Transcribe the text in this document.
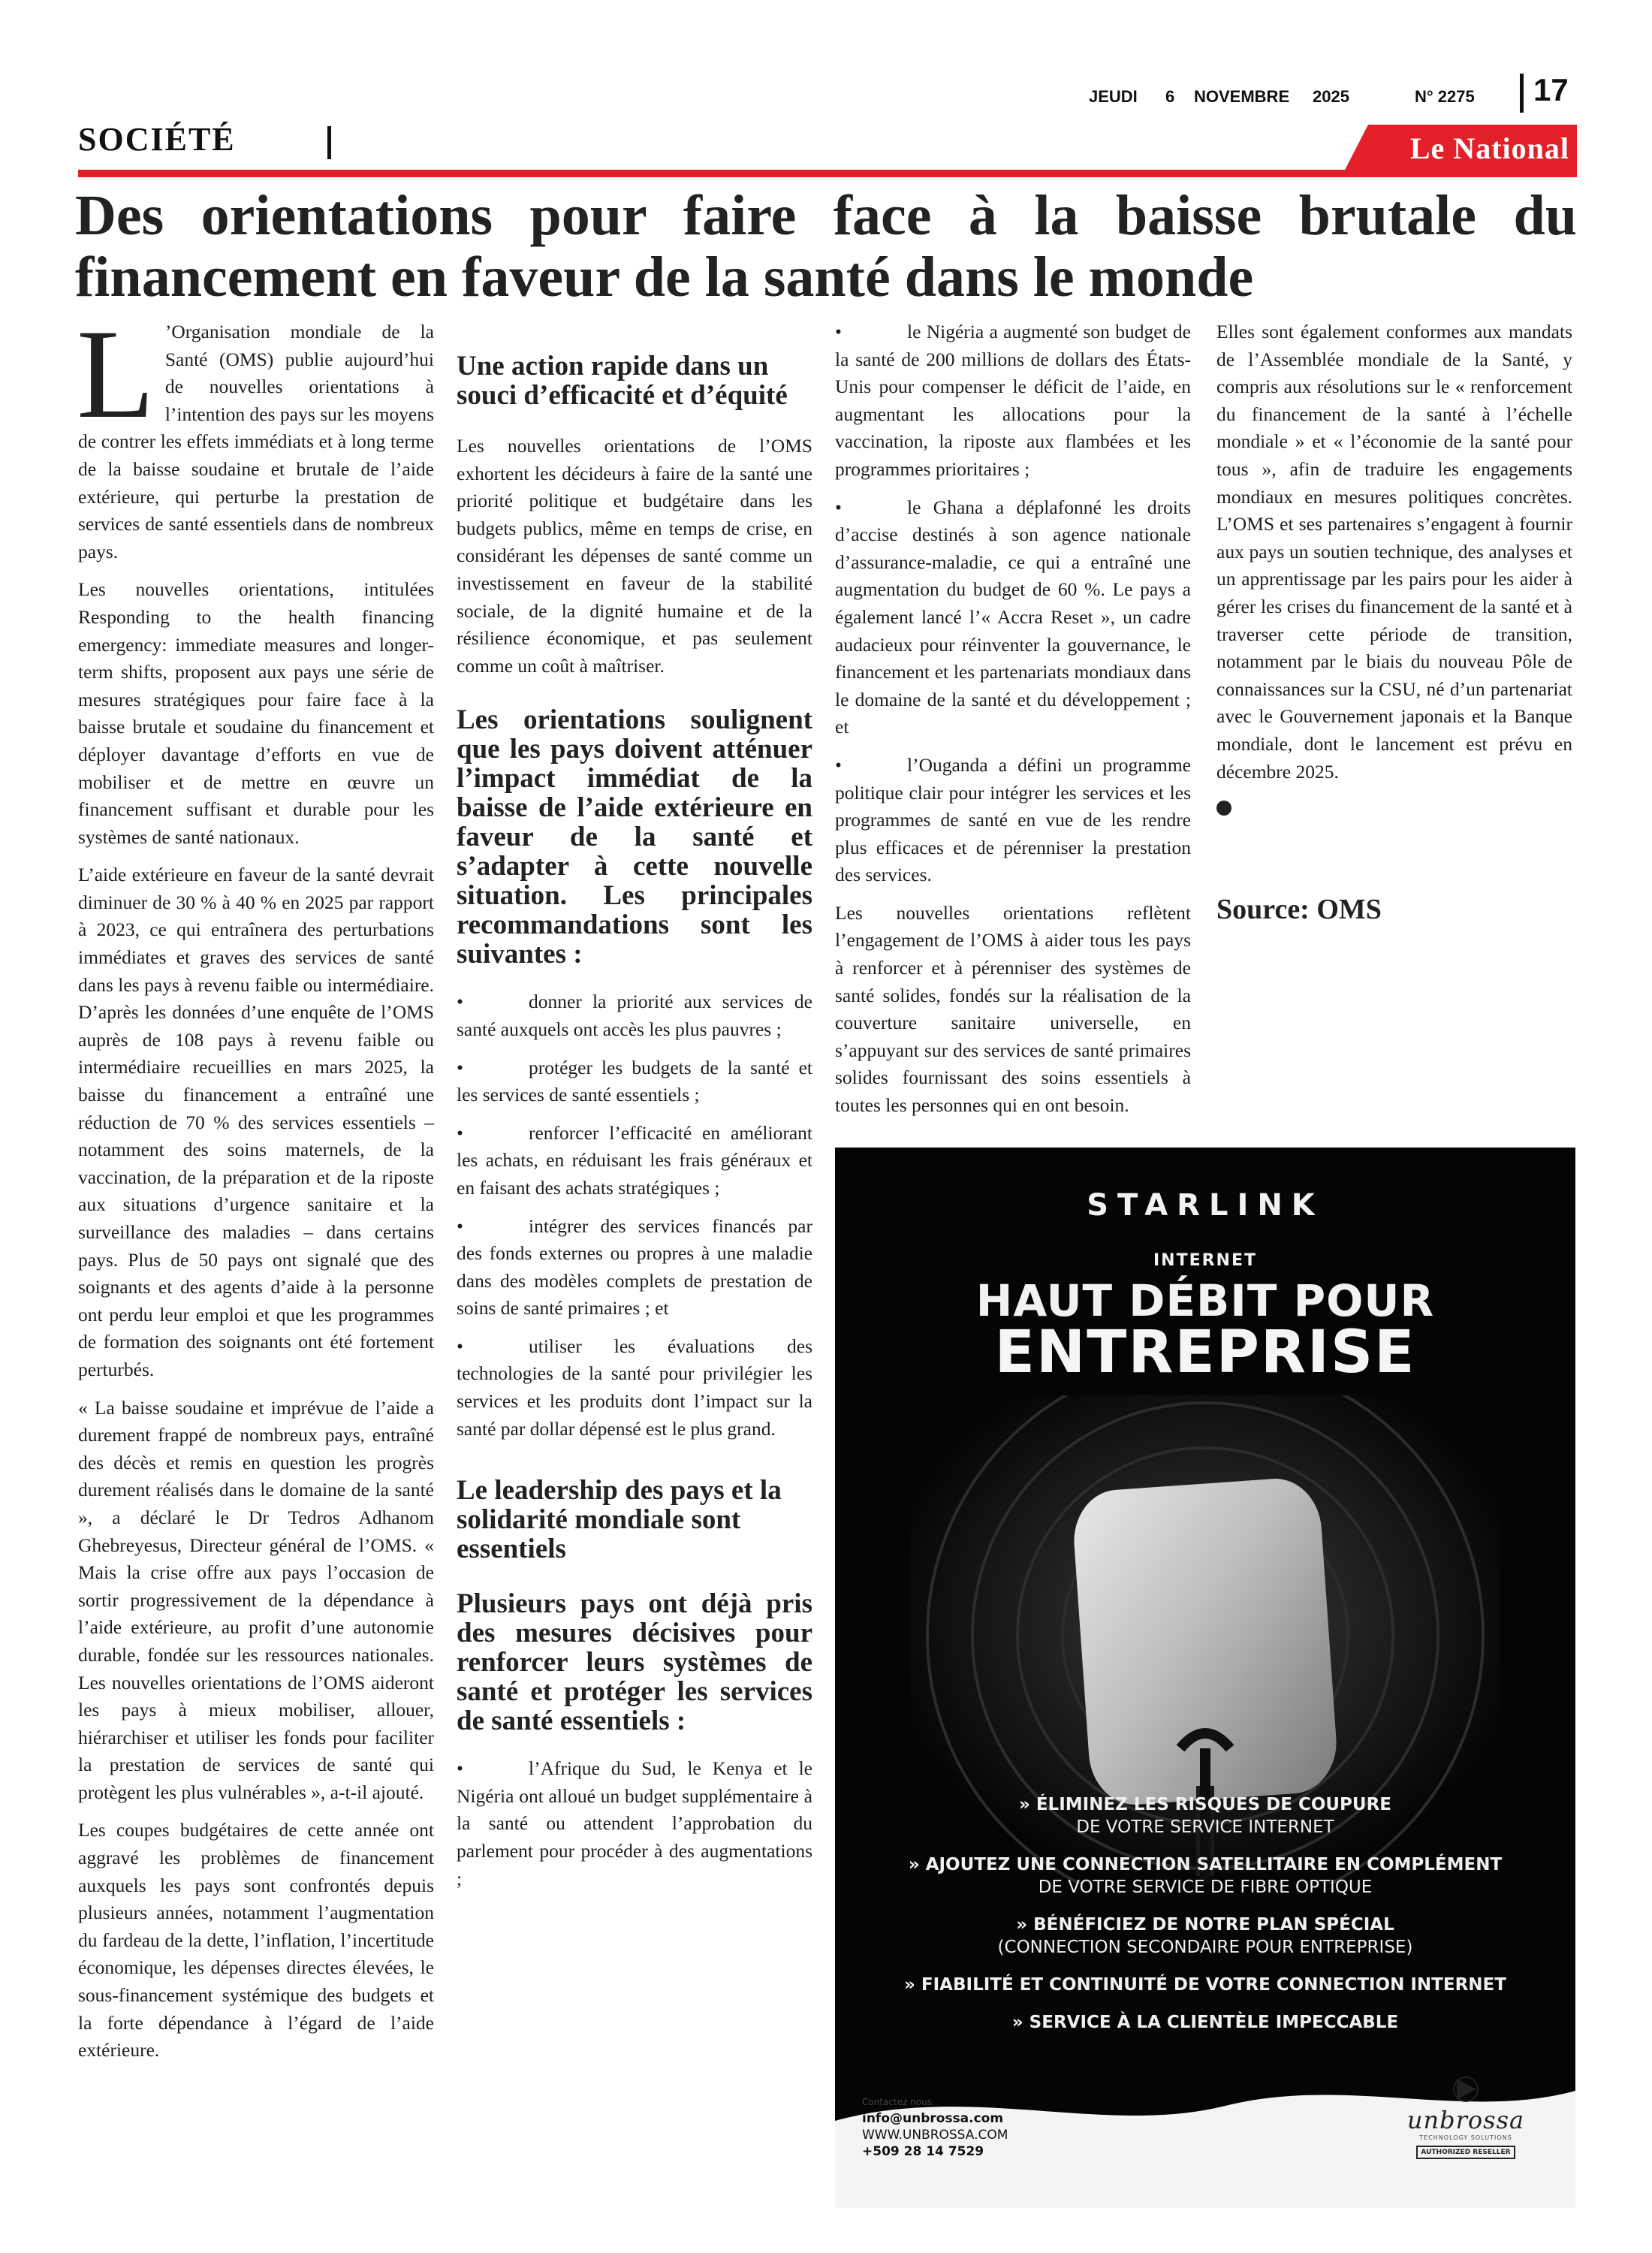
JEUDI 6 NOVEMBRE 2025	N° 2275 17
SOCIÉTÉ	Le National
Des orientations pour faire face à la baisse brutale du
financement en faveur de la santé dans le monde

L ’Organisation mondiale de la Santé (OMS) publie aujourd’hui de nouvelles orientations à l’intention des pays sur les moyens de contrer les effets immédiats et à long terme de la baisse soudaine et brutale de l’aide extérieure, qui perturbe la prestation de services de santé essentiels dans de nombreux pays.

Les nouvelles orientations, intitulées Responding to the health financing emergency: immediate measures and longer-term shifts, proposent aux pays une série de mesures stratégiques pour faire face à la baisse brutale et soudaine du financement et déployer davantage d’efforts en vue de mobiliser et de mettre en œuvre un financement suffisant et durable pour les systèmes de santé nationaux.

L’aide extérieure en faveur de la santé devrait diminuer de 30 % à 40 % en 2025 par rapport à 2023, ce qui entraînera des perturbations immédiates et graves des services de santé dans les pays à revenu faible ou intermédiaire. D’après les données d’une enquête de l’OMS auprès de 108 pays à revenu faible ou intermédiaire recueillies en mars 2025, la baisse du financement a entraîné une réduction de 70 % des services essentiels – notamment des soins maternels, de la vaccination, de la préparation et de la riposte aux situations d’urgence sanitaire et la surveillance des maladies – dans certains pays. Plus de 50 pays ont signalé que des soignants et des agents d’aide à la personne ont perdu leur emploi et que les programmes de formation des soignants ont été fortement perturbés.

« La baisse soudaine et imprévue de l’aide a durement frappé de nombreux pays, entraîné des décès et remis en question les progrès durement réalisés dans le domaine de la santé », a déclaré le Dr Tedros Adhanom Ghebreyesus, Directeur général de l’OMS. « Mais la crise offre aux pays l’occasion de sortir progressivement de la dépendance à l’aide extérieure, au profit d’une autonomie durable, fondée sur les ressources nationales. Les nouvelles orientations de l’OMS aideront les pays à mieux mobiliser, allouer, hiérarchiser et utiliser les fonds pour faciliter la prestation de services de santé qui protègent les plus vulnérables », a-t-il ajouté.

Les coupes budgétaires de cette année ont aggravé les problèmes de financement auxquels les pays sont confrontés depuis plusieurs années, notamment l’augmentation du fardeau de la dette, l’inflation, l’incertitude économique, les dépenses directes élevées, le sous-financement systémique des budgets et la forte dépendance à l’égard de l’aide extérieure.

Une action rapide dans un souci d’efficacité et d’équité

Les nouvelles orientations de l’OMS exhortent les décideurs à faire de la santé une priorité politique et budgétaire dans les budgets publics, même en temps de crise, en considérant les dépenses de santé comme un investissement en faveur de la stabilité sociale, de la dignité humaine et de la résilience économique, et pas seulement comme un coût à maîtriser.

Les orientations soulignent que les pays doivent atténuer l’impact immédiat de la baisse de l’aide extérieure en faveur de la santé et s’adapter à cette nouvelle situation. Les principales recommandations sont les suivantes :

•	donner la priorité aux services de santé auxquels ont accès les plus pauvres ;

•	protéger les budgets de la santé et les services de santé essentiels ;

•	renforcer l’efficacité en améliorant les achats, en réduisant les frais généraux et en faisant des achats stratégiques ;

•	intégrer des services financés par des fonds externes ou propres à une maladie dans des modèles complets de prestation de soins de santé primaires ; et

•	utiliser les évaluations des technologies de la santé pour privilégier les services et les produits dont l’impact sur la santé par dollar dépensé est le plus grand.

Le leadership des pays et la solidarité mondiale sont essentiels
Plusieurs pays ont déjà pris des mesures décisives pour renforcer leurs systèmes de santé et protéger les services de santé essentiels :

•	l’Afrique du Sud, le Kenya et le Nigéria ont alloué un budget supplémentaire à la santé ou attendent l’approbation du parlement pour procéder à des augmentations ;

•	le Nigéria a augmenté son budget de la santé de 200 millions de dollars des États-Unis pour compenser le déficit de l’aide, en augmentant les allocations pour la vaccination, la riposte aux flambées et les programmes prioritaires ;

•	le Ghana a déplafonné les droits d’accise destinés à son agence nationale d’assurance-maladie, ce qui a entraîné une augmentation du budget de 60 %. Le pays a également lancé l’« Accra Reset », un cadre audacieux pour réinventer la gouvernance, le financement et les partenariats mondiaux dans le domaine de la santé et du développement ; et

•	l’Ouganda a défini un programme politique clair pour intégrer les services et les programmes de santé en vue de les rendre plus efficaces et de pérenniser la prestation des services.

Les nouvelles orientations reflètent l’engagement de l’OMS à aider tous les pays à renforcer et à pérenniser des systèmes de santé solides, fondés sur la réalisation de la couverture sanitaire universelle, en s’appuyant sur des services de santé primaires solides fournissant des soins essentiels à toutes les personnes qui en ont besoin.

Elles sont également conformes aux mandats de l’Assemblée mondiale de la Santé, y compris aux résolutions sur le « renforcement du financement de la santé à l’échelle mondiale » et « l’économie de la santé pour tous », afin de traduire les engagements mondiaux en mesures politiques concrètes. L’OMS et ses partenaires s’engagent à fournir aux pays un soutien technique, des analyses et un apprentissage par les pairs pour les aider à gérer les crises du financement de la santé et à traverser cette période de transition, notamment par le biais du nouveau Pôle de connaissances sur la CSU, né d’un partenariat avec le Gouvernement japonais et la Banque mondiale, dont le lancement est prévu en décembre 2025.

Source: OMS
STARLINK
INTERNET
HAUT DÉBIT POUR
ENTREPRISE
» ÉLIMINEZ LES RISQUES DE COUPURE
DE VOTRE SERVICE INTERNET
» AJOUTEZ UNE CONNECTION SATELLITAIRE EN COMPLÉMENT
DE VOTRE SERVICE DE FIBRE OPTIQUE
» BÉNÉFICIEZ DE NOTRE PLAN SPÉCIAL
(CONNECTION SECONDAIRE POUR ENTREPRISE)
» FIABILITÉ ET CONTINUITÉ DE VOTRE CONNECTION INTERNET
» SERVICE À LA CLIENTÈLE IMPECCABLE
Contactez nous:
info@unbrossa.com
WWW.UNBROSSA.COM
+509 28 14 7529
unbrossa
TECHNOLOGY SOLUTIONS
AUTHORIZED RESELLER
